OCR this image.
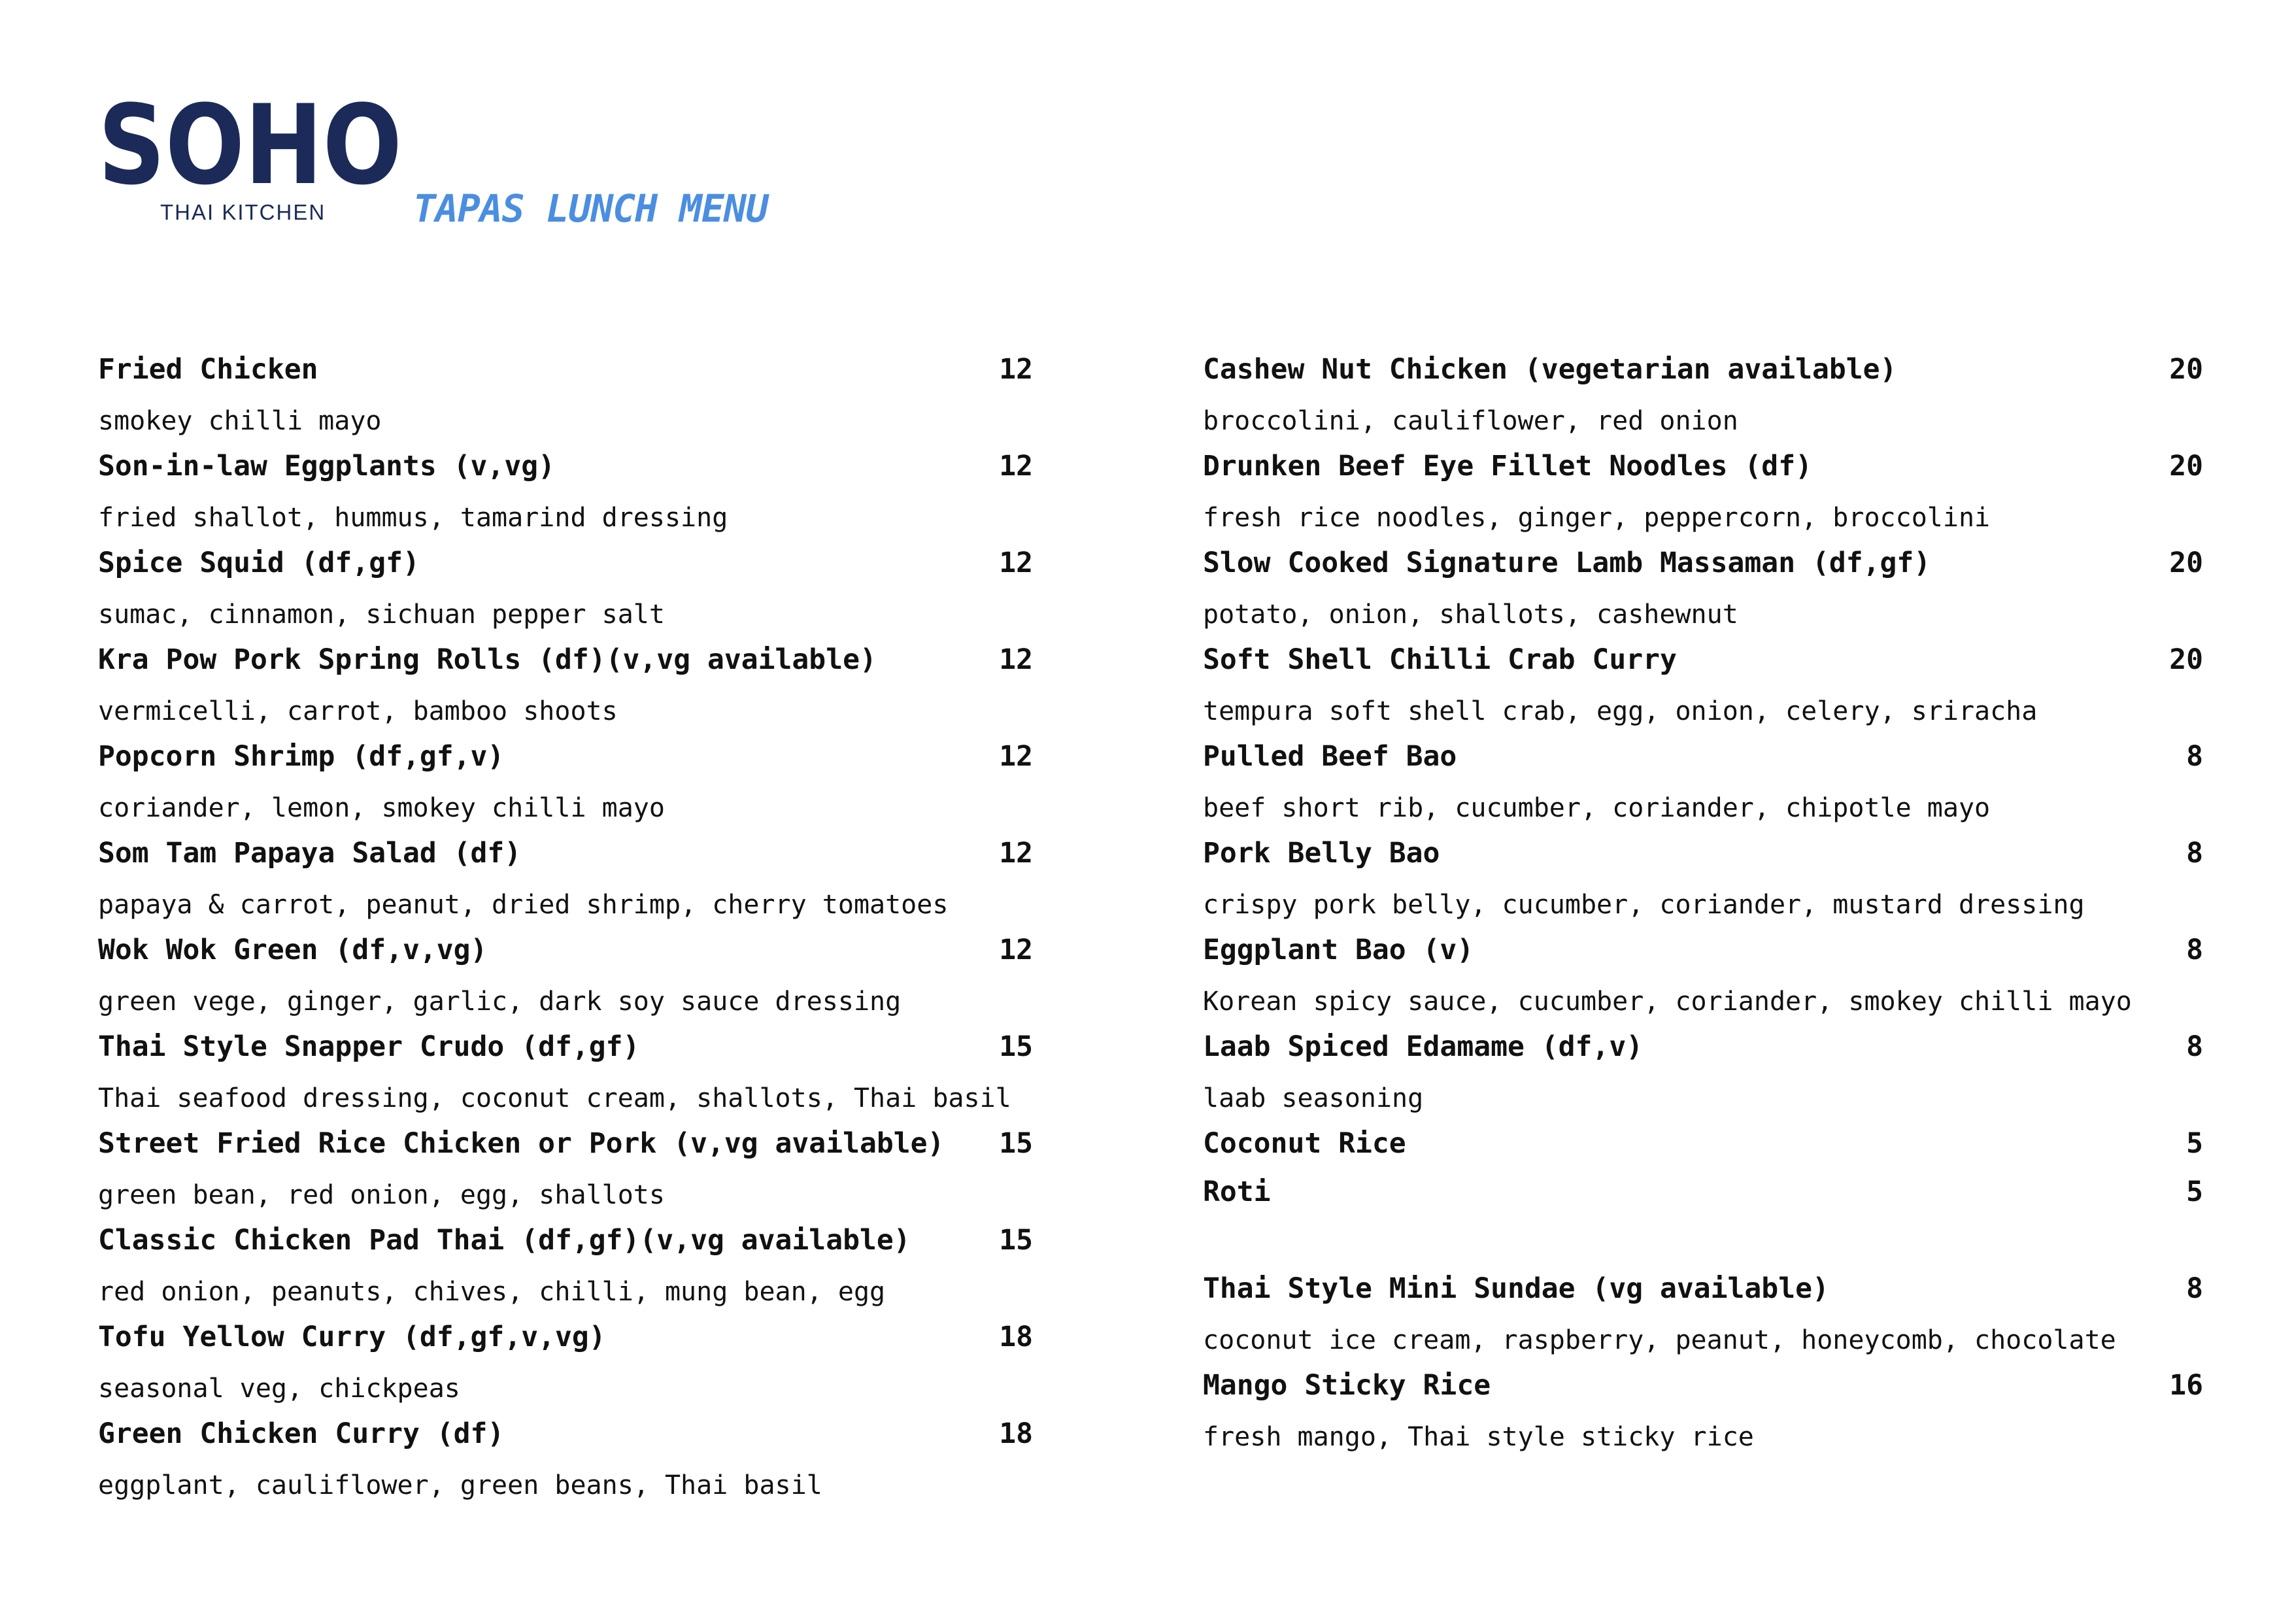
SOHO
THAI KITCHEN TAPAS LUNCH MENU
Fried Chicken	12
smokey chilli mayo
Son-in-law Eggplants (v,vg)	12
fried shallot, hummus, tamarind dressing
Spice Squid (df,gf)	12
sumac, cinnamon, sichuan pepper salt
Kra Pow Pork Spring Rolls (df)(v,vg available)	12
vermicelli, carrot, bamboo shoots
Popcorn Shrimp (df,gf,v)	12
coriander, lemon, smokey chilli mayo
Som Tam Papaya Salad (df)	12
papaya & carrot, peanut, dried shrimp, cherry tomatoes
Wok Wok Green (df,v,vg)	12
green vege, ginger, garlic, dark soy sauce dressing
Thai Style Snapper Crudo (df,gf)	15
Thai seafood dressing, coconut cream, shallots, Thai basil
Street Fried Rice Chicken or Pork (v,vg available) 15
green bean, red onion, egg, shallots
Classic Chicken Pad Thai (df,gf)(v,vg available)	15
red onion, peanuts, chives, chilli, mung bean, egg
Tofu Yellow Curry (df,gf,v,vg)	18
seasonal veg, chickpeas
Green Chicken Curry (df)	18
eggplant, cauliflower, green beans, Thai basil
Cashew Nut Chicken (vegetarian available)	20
broccolini, cauliflower, red onion
Drunken Beef Eye Fillet Noodles (df)	20
fresh rice noodles, ginger, peppercorn, broccolini
Slow Cooked Signature Lamb Massaman (df,gf)	20
potato, onion, shallots, cashewnut
Soft Shell Chilli Crab Curry	20
tempura soft shell crab, egg, onion, celery, sriracha
Pulled Beef Bao	8
beef short rib, cucumber, coriander, chipotle mayo
Pork Belly Bao	8
crispy pork belly, cucumber, coriander, mustard dressing
Eggplant Bao (v)	8
Korean spicy sauce, cucumber, coriander, smokey chilli mayo
Laab Spiced Edamame (df,v)	8
laab seasoning
Coconut Rice	5
Roti	5
Thai Style Mini Sundae (vg available)	8
coconut ice cream, raspberry, peanut, honeycomb, chocolate
Mango Sticky Rice	16
fresh mango, Thai style sticky rice
